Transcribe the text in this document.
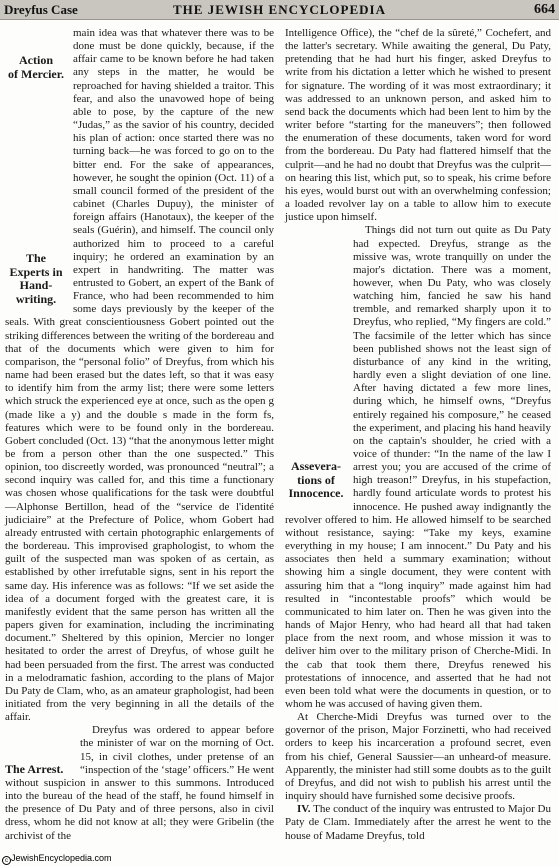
THE JEWISH ENCYCLOPEDIA
Dreyfus Case	664

Action
of Mercier.
The
Experts in
Hand-
writing.
main idea was that whatever there was to be done must be done quickly, because, if the affair came to be known before he had taken any steps in the matter, he would be reproached for having shielded a traitor. This fear, and also the unavowed hope of being able to pose, by the capture of the new “Judas,” as the savior of his country, decided his plan of action: once started there was no turning back—he was forced to go on to the bitter end. For the sake of appearances, however, he sought the opinion (Oct. 11) of a small council formed of the president of the cabinet (Charles Dupuy), the minister of foreign affairs (Hanotaux), the keeper of the seals (Guérin), and himself. The council only authorized him to proceed to a careful inquiry; he ordered an examination by an expert in handwriting. The matter was entrusted to Gobert, an expert of the Bank of France, who had been recommended to him some days previously by the keeper of the seals. With great conscientiousness Gobert pointed out the striking differences between the writing of the bordereau and that of the documents which were given to him for comparison, the “personal folio” of Dreyfus, from which his name had been erased but the dates left, so that it was easy to identify him from the army list; there were some letters which struck the experienced eye at once, such as the open g (made like a y) and the double s made in the form fs, features which were to be found only in the bordereau. Gobert concluded (Oct. 13) “that the anonymous letter might be from a person other than the one suspected.” This opinion, too discreetly worded, was pronounced “neutral”; a second inquiry was called for, and this time a functionary was chosen whose qualifications for the task were doubtful—Alphonse Bertillon, head of the “service de l'identité judiciaire” at the Prefecture of Police, whom Gobert had already entrusted with certain photographic enlargements of the bordereau. This improvised graphologist, to whom the guilt of the suspected man was spoken of as certain, as established by other irrefutable signs, sent in his report the same day. His inference was as follows: “If we set aside the idea of a document forged with the greatest care, it is manifestly evident that the same person has written all the papers given for examination, including the incriminating document.” Sheltered by this opinion, Mercier no longer hesitated to order the arrest of Dreyfus, of whose guilt he had been persuaded from the first. The arrest was conducted in a melodramatic fashion, according to the plans of Major Du Paty de Clam, who, as an amateur graphologist, had been initiated from the very beginning in all the details of the affair.

The Arrest.
Dreyfus was ordered to appear before the minister of war on the morning of Oct. 15, in civil clothes, under pretense of an “inspection of the ‘stage’ officers.” He went without suspicion in answer to this summons. Introduced into the bureau of the head of the staff, he found himself in the presence of Du Paty and of three persons, also in civil dress, whom he did not know at all; they were Gribelin (the archivist of the

Intelligence Office), the “chef de la sûreté,” Cochefert, and the latter's secretary. While awaiting the general, Du Paty, pretending that he had hurt his finger, asked Dreyfus to write from his dictation a letter which he wished to present for signature. The wording of it was most extraordinary; it was addressed to an unknown person, and asked him to send back the documents which had been lent to him by the writer before “starting for the maneuvers”; then followed the enumeration of these documents, taken word for word from the bordereau. Du Paty had flattered himself that the culprit—and he had no doubt that Dreyfus was the culprit—on hearing this list, which put, so to speak, his crime before his eyes, would burst out with an overwhelming confession; a loaded revolver lay on a table to allow him to execute justice upon himself.

Assevera-
tions of
Innocence.
Things did not turn out quite as Du Paty had expected. Dreyfus, strange as the missive was, wrote tranquilly on under the major's dictation. There was a moment, however, when Du Paty, who was closely watching him, fancied he saw his hand tremble, and remarked sharply upon it to Dreyfus, who replied, “My fingers are cold.” The facsimile of the letter which has since been published shows not the least sign of disturbance of any kind in the writing, hardly even a slight deviation of one line. After having dictated a few more lines, during which, he himself owns, “Dreyfus entirely regained his composure,” he ceased the experiment, and placing his hand heavily on the captain's shoulder, he cried with a voice of thunder: “In the name of the law I arrest you; you are accused of the crime of high treason!” Dreyfus, in his stupefaction, hardly found articulate words to protest his innocence. He pushed away indignantly the revolver offered to him. He allowed himself to be searched without resistance, saying: “Take my keys, examine everything in my house; I am innocent.” Du Paty and his associates then held a summary examination; without showing him a single document, they were content with assuring him that a “long inquiry” made against him had resulted in “incontestable proofs” which would be communicated to him later on. Then he was given into the hands of Major Henry, who had heard all that had taken place from the next room, and whose mission it was to deliver him over to the military prison of Cherche-Midi. In the cab that took them there, Dreyfus renewed his protestations of innocence, and asserted that he had not even been told what were the documents in question, or to whom he was accused of having given them.

At Cherche-Midi Dreyfus was turned over to the governor of the prison, Major Forzinetti, who had received orders to keep his incarceration a profound secret, even from his chief, General Saussier—an unheard-of measure. Apparently, the minister had still some doubts as to the guilt of Dreyfus, and did not wish to publish his arrest until the inquiry should have furnished some decisive proofs.

IV. The conduct of the inquiry was entrusted to Major Du Paty de Clam. Immediately after the arrest he went to the house of Madame Dreyfus, told

c JewishEncyclopedia.com
